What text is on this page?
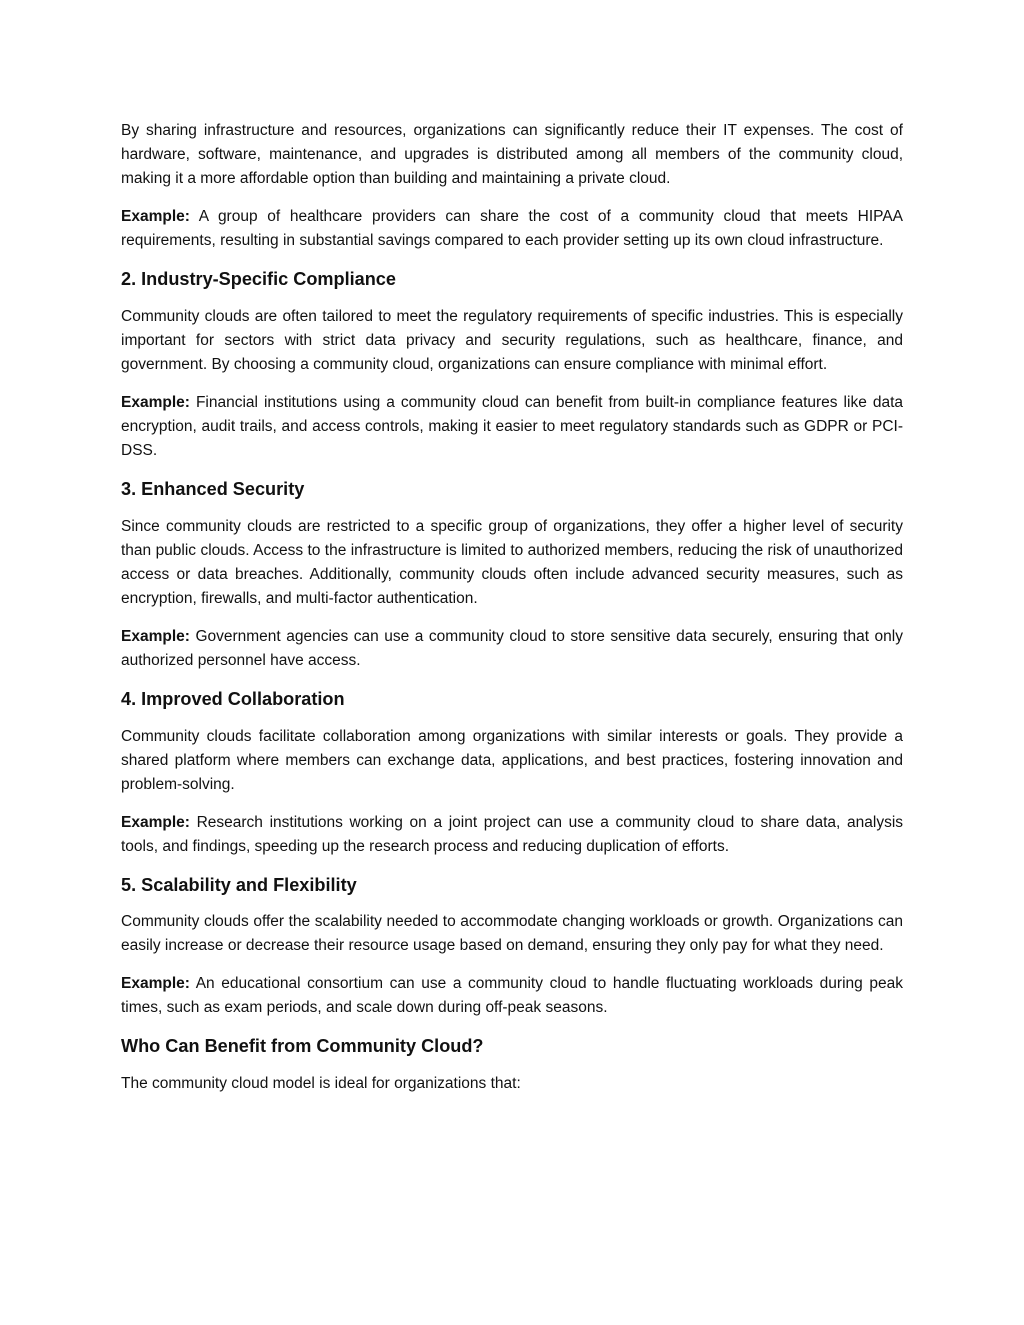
By sharing infrastructure and resources, organizations can significantly reduce their IT expenses. The cost of hardware, software, maintenance, and upgrades is distributed among all members of the community cloud, making it a more affordable option than building and maintaining a private cloud.

Example: A group of healthcare providers can share the cost of a community cloud that meets HIPAA requirements, resulting in substantial savings compared to each provider setting up its own cloud infrastructure.

2. Industry-Specific Compliance

Community clouds are often tailored to meet the regulatory requirements of specific industries. This is especially important for sectors with strict data privacy and security regulations, such as healthcare, finance, and government. By choosing a community cloud, organizations can ensure compliance with minimal effort.

Example: Financial institutions using a community cloud can benefit from built-in compliance features like data encryption, audit trails, and access controls, making it easier to meet regulatory standards such as GDPR or PCI-DSS.

3. Enhanced Security

Since community clouds are restricted to a specific group of organizations, they offer a higher level of security than public clouds. Access to the infrastructure is limited to authorized members, reducing the risk of unauthorized access or data breaches. Additionally, community clouds often include advanced security measures, such as encryption, firewalls, and multi-factor authentication.

Example: Government agencies can use a community cloud to store sensitive data securely, ensuring that only authorized personnel have access.

4. Improved Collaboration

Community clouds facilitate collaboration among organizations with similar interests or goals. They provide a shared platform where members can exchange data, applications, and best practices, fostering innovation and problem-solving.

Example: Research institutions working on a joint project can use a community cloud to share data, analysis tools, and findings, speeding up the research process and reducing duplication of efforts.

5. Scalability and Flexibility

Community clouds offer the scalability needed to accommodate changing workloads or growth. Organizations can easily increase or decrease their resource usage based on demand, ensuring they only pay for what they need.

Example: An educational consortium can use a community cloud to handle fluctuating workloads during peak times, such as exam periods, and scale down during off-peak seasons.

Who Can Benefit from Community Cloud?

The community cloud model is ideal for organizations that:
